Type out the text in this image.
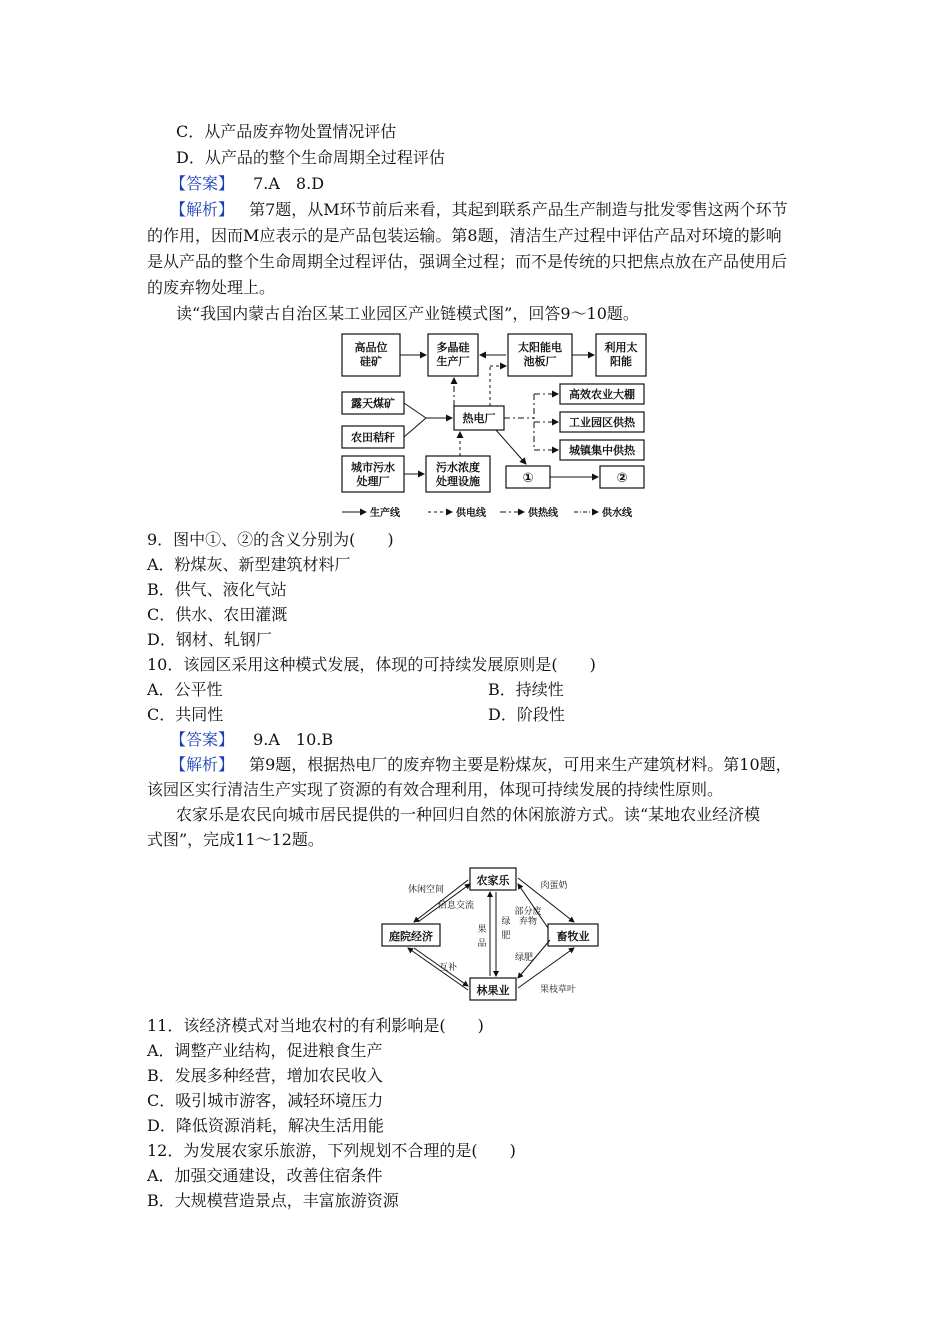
C．从产品废弃物处置情况评估
D．从产品的整个生命周期全过程评估
【答案】 7.A　8.D
【解析】 第7题，从M环节前后来看，其起到联系产品生产制造与批发零售这两个环节
的作用，因而M应表示的是产品包装运输。第8题，清洁生产过程中评估产品对环境的影响
是从产品的整个生命周期全过程评估，强调全过程；而不是传统的只把焦点放在产品使用后
的废弃物处理上。
读“我国内蒙古自治区某工业园区产业链模式图”，回答9～10题。
高品位
硅矿
多晶硅
生产厂
太阳能电
池板厂
利用太
阳能
露天煤矿
农田秸秆
热电厂
城市污水
处理厂
污水浓度
处理设施
高效农业大棚
工业园区供热
城镇集中供热
①	②
生产线	供电线	供热线	供水线
9．图中①、②的含义分别为(　　)
A．粉煤灰、新型建筑材料厂
B．供气、液化气站
C．供水、农田灌溉
D．钢材、轧钢厂
10．该园区采用这种模式发展，体现的可持续发展原则是(　　)
A．公平性	B．持续性
C．共同性	D．阶段性
【答案】 9.A　10.B
【解析】 第9题，根据热电厂的废弃物主要是粉煤灰，可用来生产建筑材料。第10题，
该园区实行清洁生产实现了资源的有效合理利用，体现可持续发展的持续性原则。
农家乐是农民向城市居民提供的一种回归自然的休闲旅游方式。读“某地农业经济模
式图”，完成11～12题。
农家乐
庭院经济	畜牧业
林果业
休闲空间
信息交流
肉蛋奶
部分废
弃物
果
品
绿
肥
绿肥
互补
果枝草叶
11．该经济模式对当地农村的有利影响是(　　)
A．调整产业结构，促进粮食生产
B．发展多种经营，增加农民收入
C．吸引城市游客，减轻环境压力
D．降低资源消耗，解决生活用能
12．为发展农家乐旅游，下列规划不合理的是(　　)
A．加强交通建设，改善住宿条件
B．大规模营造景点，丰富旅游资源
